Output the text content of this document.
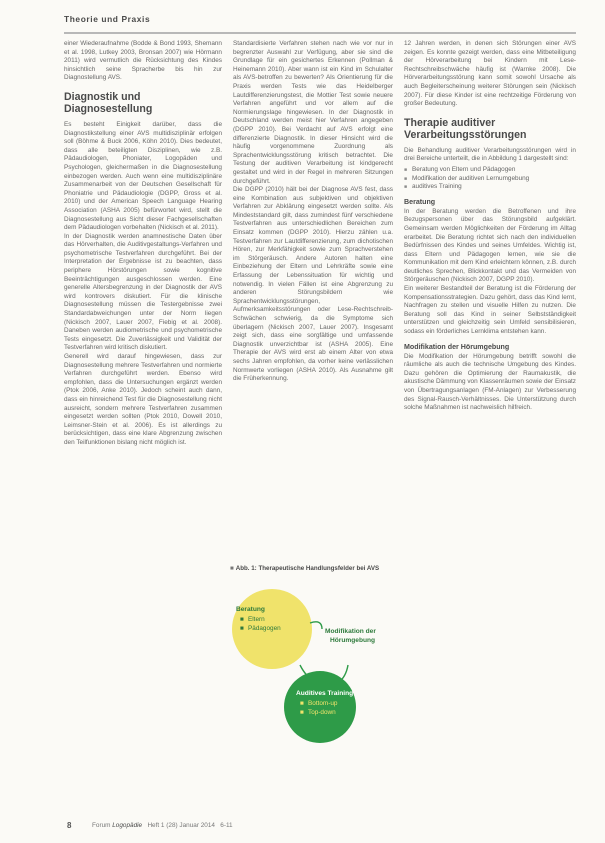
Theorie und Praxis

einer Wiederaufnahme (Bodde & Bond 1993, Shemann et al. 1998, Lutkey 2003, Bronsan 2007) wie Hörmann 2011) wird vermutlich die Rücksichtung des Kindes hinsichtlich seine Spracherbe bis hin zur Diagnostellung AVS.

Diagnostik und Diagnosestellung

Es besteht Einigkeit darüber, dass die Diagnostikstellung einer AVS multidisziplinär erfolgen soll (Böhme & Buck 2006, Köhn 2010). Dies bedeutet, dass alle beteiligten Disziplinen, wie z.B. Pädaudiologen, Phoniater, Logopäden und Psychologen, gleichermaßen in die Diagnosestellung einbezogen werden. Auch wenn eine multidisziplinäre Zusammenarbeit von der Deutschen Gesellschaft für Phoniatrie und Pädaudiologie (DGPP, Gross et al. 2010) und der American Speech Language Hearing Association (ASHA 2005) befürwortet wird, stellt die Diagnosestellung aus Sicht dieser Fachgesellschaften dem Pädaudiologen vorbehalten (Nickisch et al. 2011).

In der Diagnostik werden anamnestische Daten über das Hörverhalten, die Auditivgestaltungs-Verfahren und psychometrische Testverfahren durchgeführt. Bei der Interpretation der Ergebnisse ist zu beachten, dass periphere Hörstörungen sowie kognitive Beeinträchtigungen ausgeschlossen werden. Eine generelle Altersbegrenzung in der Diagnostik der AVS wird kontrovers diskutiert. Für die klinische Diagnosestellung müssen die Testergebnisse zwei Standardabweichungen unter der Norm liegen (Nickisch 2007, Lauer 2007, Fiebig et al. 2008). Daneben werden audiometrische und psychometrische Tests eingesetzt. Die Zuverlässigkeit und Validität der Testverfahren wird kritisch diskutiert.

Generell wird darauf hingewiesen, dass zur Diagnosestellung mehrere Testverfahren und normierte Verfahren durchgeführt werden. Ebenso wird empfohlen, dass die Untersuchungen ergänzt werden (Ptok 2006, Anke 2010). Jedoch scheint auch dann, dass ein hinreichend Test für die Diagnosestellung nicht ausreicht, sondern mehrere Testverfahren zusammen eingesetzt werden sollten (Ptok 2010, Dowell 2010, Leimsner-Stein et al. 2006). Es ist allerdings zu berücksichtigen, dass eine klare Abgrenzung zwischen den Teilfunktionen bislang nicht möglich ist.

Standardisierte Verfahren stehen nach wie vor nur in begrenzter Auswahl zur Verfügung, aber sie sind die Grundlage für ein gesichertes Erkennen (Pollman & Heinemann 2010). Aber wann ist ein Kind im Schulalter als AVS-betroffen zu bewerten? Als Orientierung für die Praxis werden Tests wie das Heidelberger Lautdifferenzierungstest, die Mottier Test sowie neuere Verfahren angeführt und vor allem auf die Normierungslage hingewiesen. In der Diagnostik in Deutschland werden meist hier Verfahren angegeben (DGPP 2010). Bei Verdacht auf AVS erfolgt eine differenzierte Diagnostik. In dieser Hinsicht wird die häufig vorgenommene Zuordnung als Sprachentwicklungsstörung kritisch betrachtet. Die Testung der auditiven Verarbeitung ist kindgerecht gestaltet und wird in der Regel in mehreren Sitzungen durchgeführt.

Die DGPP (2010) hält bei der Diagnose AVS fest, dass eine Kombination aus subjektiven und objektiven Verfahren zur Abklärung eingesetzt werden sollte. Als Mindeststandard gilt, dass zumindest fünf verschiedene Testverfahren aus unterschiedlichen Bereichen zum Einsatz kommen (DGPP 2010). Hierzu zählen u.a. Testverfahren zur Lautdifferenzierung, zum dichotischen Hören, zur Merkfähigkeit sowie zum Sprachverstehen im Störgeräusch. Andere Autoren halten eine Einbeziehung der Eltern und Lehrkräfte sowie eine Erfassung der Lebenssituation für wichtig und notwendig. In vielen Fällen ist eine Abgrenzung zu anderen Störungsbildern wie Sprachentwicklungsstörungen, Aufmerksamkeitsstörungen oder Lese-Rechtschreib-Schwächen schwierig, da die Symptome sich überlagern (Nickisch 2007, Lauer 2007). Insgesamt zeigt sich, dass eine sorgfältige und umfassende Diagnostik unverzichtbar ist (ASHA 2005). Eine Therapie der AVS wird erst ab einem Alter von etwa sechs Jahren empfohlen, da vorher keine verlässlichen Normwerte vorliegen (ASHA 2010). Als Ausnahme gilt die Früherkennung.

■ Abb. 1: Therapeutische Handlungsfelder bei AVS
Beratung
■ Eltern
■ Pädagogen	Modifikation der
Hörumgebung
Auditives Training
■ Bottom-up
■ Top-down

12 Jahren werden, in denen sich Störungen einer AVS zeigen. Es konnte gezeigt werden, dass eine Mitbeteiligung der Hörverarbeitung bei Kindern mit Lese-Rechtschreibschwäche häufig ist (Warnke 2008). Die Hörverarbeitungsstörung kann somit sowohl Ursache als auch Begleiterscheinung weiterer Störungen sein (Nickisch 2007). Für diese Kinder ist eine rechtzeitige Förderung von großer Bedeutung.

Therapie auditiver Verarbeitungsstörungen

Die Behandlung auditiver Verarbeitungsstörungen wird in drei Bereiche unterteilt, die in Abbildung 1 dargestellt sind:

■ Beratung von Eltern und Pädagogen
■ Modifikation der auditiven Lernumgebung
■ auditives Training
Beratung

In der Beratung werden die Betroffenen und ihre Bezugspersonen über das Störungsbild aufgeklärt. Gemeinsam werden Möglichkeiten der Förderung im Alltag erarbeitet. Die Beratung richtet sich nach den individuellen Bedürfnissen des Kindes und seines Umfeldes. Wichtig ist, dass Eltern und Pädagogen lernen, wie sie die Kommunikation mit dem Kind erleichtern können, z.B. durch deutliches Sprechen, Blickkontakt und das Vermeiden von Störgeräuschen (Nickisch 2007, DGPP 2010).

Ein weiterer Bestandteil der Beratung ist die Förderung der Kompensationsstrategien. Dazu gehört, dass das Kind lernt, Nachfragen zu stellen und visuelle Hilfen zu nutzen. Die Beratung soll das Kind in seiner Selbstständigkeit unterstützen und gleichzeitig sein Umfeld sensibilisieren, sodass ein förderliches Lernklima entstehen kann.

Modifikation der Hörumgebung

Die Modifikation der Hörumgebung betrifft sowohl die räumliche als auch die technische Umgebung des Kindes. Dazu gehören die Optimierung der Raumakustik, die akustische Dämmung von Klassenräumen sowie der Einsatz von Übertragungsanlagen (FM-Anlagen) zur Verbesserung des Signal-Rausch-Verhältnisses. Die Unterstützung durch solche Maßnahmen ist nachweislich hilfreich.

8	Forum Logopädie Heft 1 (28) Januar 2014 6-11
